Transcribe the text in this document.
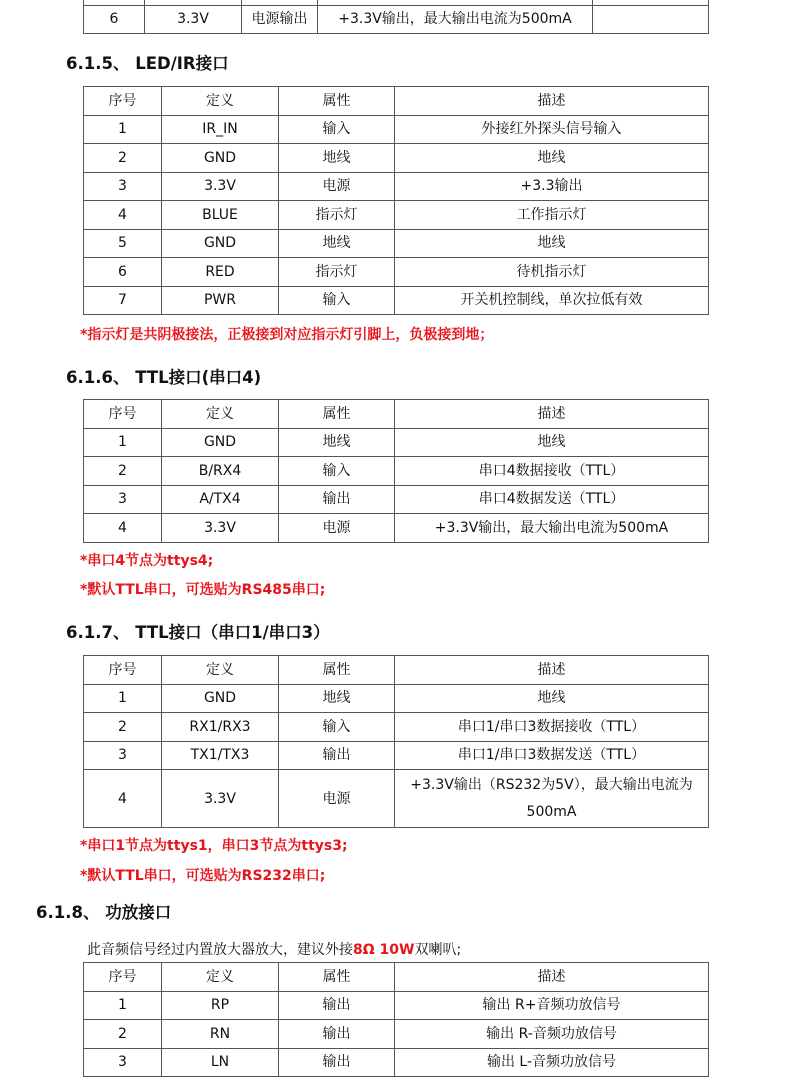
6	3.3V	电源输出	+3.3V输出，最大输出电流为500mA	
6.1.5、 LED/IR接口
序号	定义	属性	描述
1	IR_IN	输入	外接红外探头信号输入
2	GND	地线	地线
3	3.3V	电源	+3.3输出
4	BLUE	指示灯	工作指示灯
5	GND	地线	地线
6	RED	指示灯	待机指示灯
7	PWR	输入	开关机控制线，单次拉低有效
*指示灯是共阴极接法，正极接到对应指示灯引脚上，负极接到地；
6.1.6、 TTL接口(串口4)
序号	定义	属性	描述
1	GND	地线	地线
2	B/RX4	输入	串口4数据接收（TTL）
3	A/TX4	输出	串口4数据发送（TTL）
4	3.3V	电源	+3.3V输出，最大输出电流为500mA
*串口4节点为ttys4;
*默认TTL串口，可选贴为RS485串口;
6.1.7、 TTL接口（串口1/串口3）
序号	定义	属性	描述
1	GND	地线	地线
2	RX1/RX3	输入	串口1/串口3数据接收（TTL）
3	TX1/TX3	输出	串口1/串口3数据发送（TTL）
4	3.3V	电源	+3.3V输出（RS232为5V），最大输出电流为500mA
*串口1节点为ttys1，串口3节点为ttys3;
*默认TTL串口，可选贴为RS232串口;
6.1.8、 功放接口
此音频信号经过内置放大器放大，建议外接8Ω 10W双喇叭;
序号	定义	属性	描述
1	RP	输出	输出 R+音频功放信号
2	RN	输出	输出 R-音频功放信号
3	LN	输出	输出 L-音频功放信号
